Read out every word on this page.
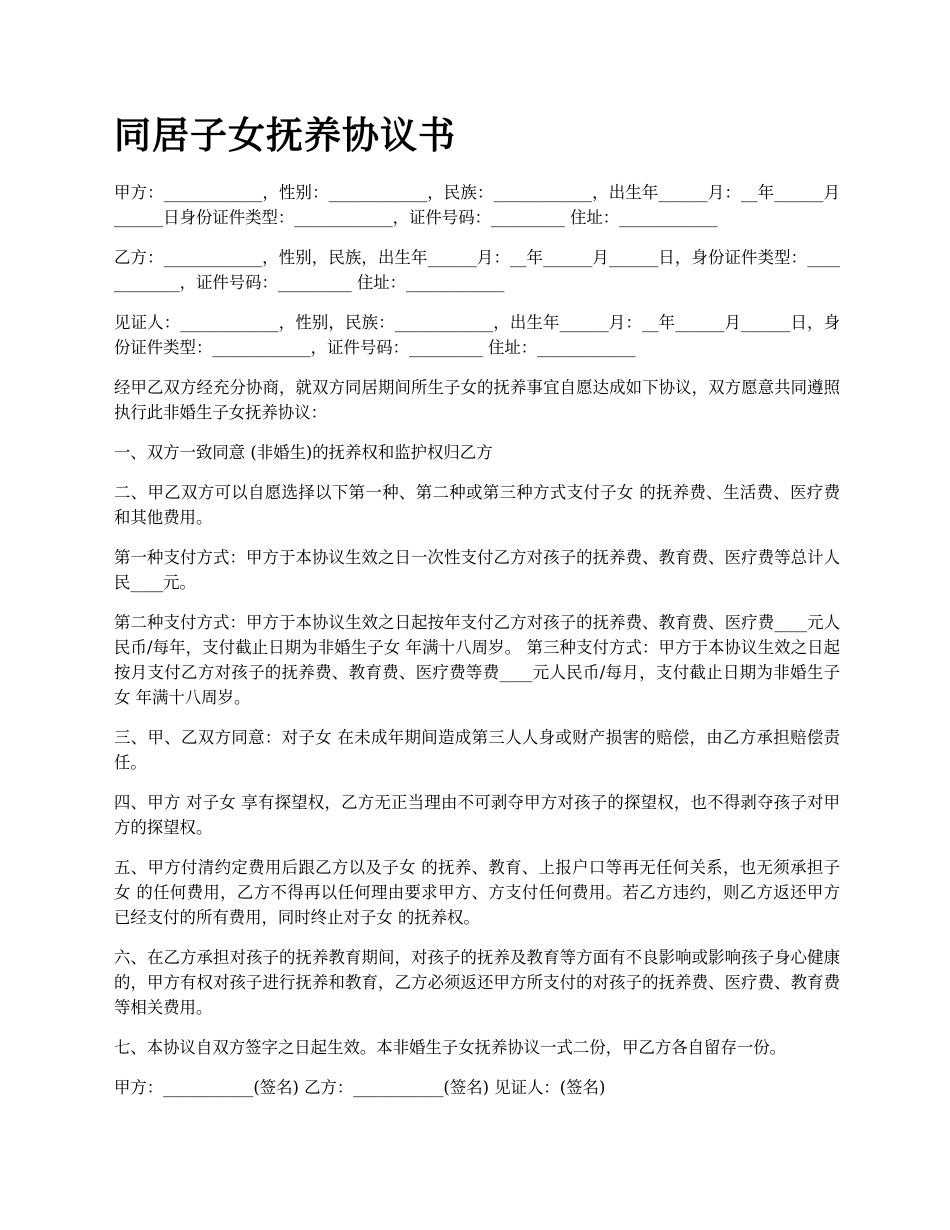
同居子女抚养协议书

甲方：____________，性别：____________，民族：____________，出生年______月：__年______月______日身份证件类型：____________，证件号码：_________ 住址：____________

乙方：____________，性别，民族，出生年______月：__年______月______日，身份证件类型：____________，证件号码：_________ 住址：____________

见证人：____________，性别，民族：____________，出生年______月：__年______月______日，身份证件类型：____________，证件号码：_________ 住址：____________

经甲乙双方经充分协商，就双方同居期间所生子女的抚养事宜自愿达成如下协议，双方愿意共同遵照执行此非婚生子女抚养协议：

一、双方一致同意 (非婚生)的抚养权和监护权归乙方

二、甲乙双方可以自愿选择以下第一种、第二种或第三种方式支付子女 的抚养费、生活费、医疗费和其他费用。

第一种支付方式：甲方于本协议生效之日一次性支付乙方对孩子的抚养费、教育费、医疗费等总计人民____元。

第二种支付方式：甲方于本协议生效之日起按年支付乙方对孩子的抚养费、教育费、医疗费____元人民币/每年，支付截止日期为非婚生子女 年满十八周岁。 第三种支付方式：甲方于本协议生效之日起按月支付乙方对孩子的抚养费、教育费、医疗费等费____元人民币/每月，支付截止日期为非婚生子女 年满十八周岁。

三、甲、乙双方同意：对子女 在未成年期间造成第三人人身或财产损害的赔偿，由乙方承担赔偿责任。

四、甲方 对子女 享有探望权，乙方无正当理由不可剥夺甲方对孩子的探望权，也不得剥夺孩子对甲方的探望权。

五、甲方付清约定费用后跟乙方以及子女 的抚养、教育、上报户口等再无任何关系，也无须承担子女 的任何费用，乙方不得再以任何理由要求甲方、方支付任何费用。若乙方违约，则乙方返还甲方已经支付的所有费用，同时终止对子女 的抚养权。

六、在乙方承担对孩子的抚养教育期间，对孩子的抚养及教育等方面有不良影响或影响孩子身心健康的，甲方有权对孩子进行抚养和教育，乙方必须返还甲方所支付的对孩子的抚养费、医疗费、教育费等相关费用。

七、本协议自双方签字之日起生效。本非婚生子女抚养协议一式二份，甲乙方各自留存一份。

甲方：___________(签名) 乙方：___________(签名) 见证人：(签名)
